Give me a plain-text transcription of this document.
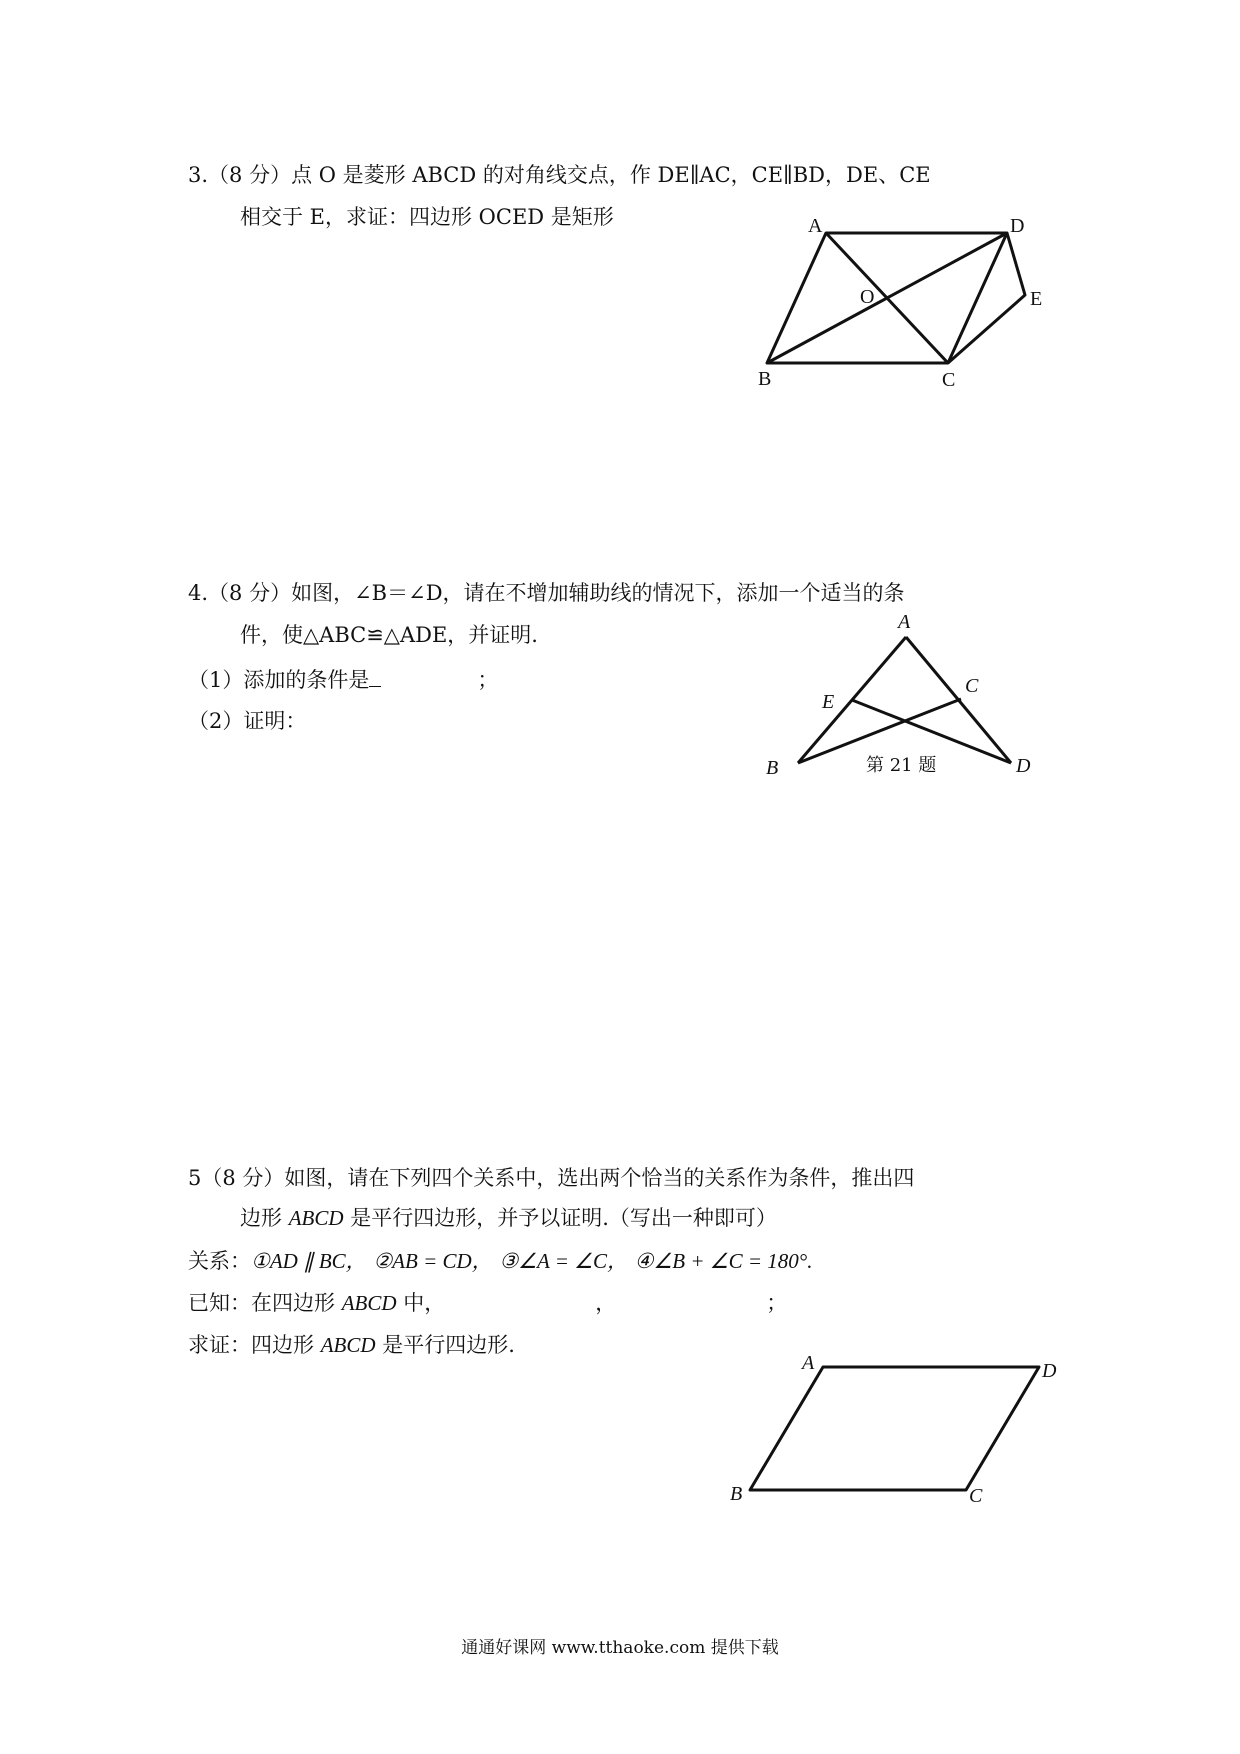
3.（8 分）点 O 是菱形 ABCD 的对角线交点，作 DE∥AC，CE∥BD，DE、CE
相交于 E，求证：四边形 OCED 是矩形	A	D
O	E
B	C
4.（8 分）如图，∠B＝∠D，请在不增加辅助线的情况下，添加一个适当的条
件，使△ABC≌△ADE，并证明.
（1）添加的条件是	；
（2）证明：
A
C
E
B	D
第 21 题
5（8 分）如图，请在下列四个关系中，选出两个恰当的关系作为条件，推出四
边形 ABCD 是平行四边形，并予以证明.（写出一种即可）
关系：①AD ∥ BC， ②AB = CD， ③∠A = ∠C， ④∠B + ∠C = 180°.
已知：在四边形 ABCD 中，	，	；
求证：四边形 ABCD 是平行四边形.
A	D
B	C
通通好课网 www.tthaoke.com 提供下载
